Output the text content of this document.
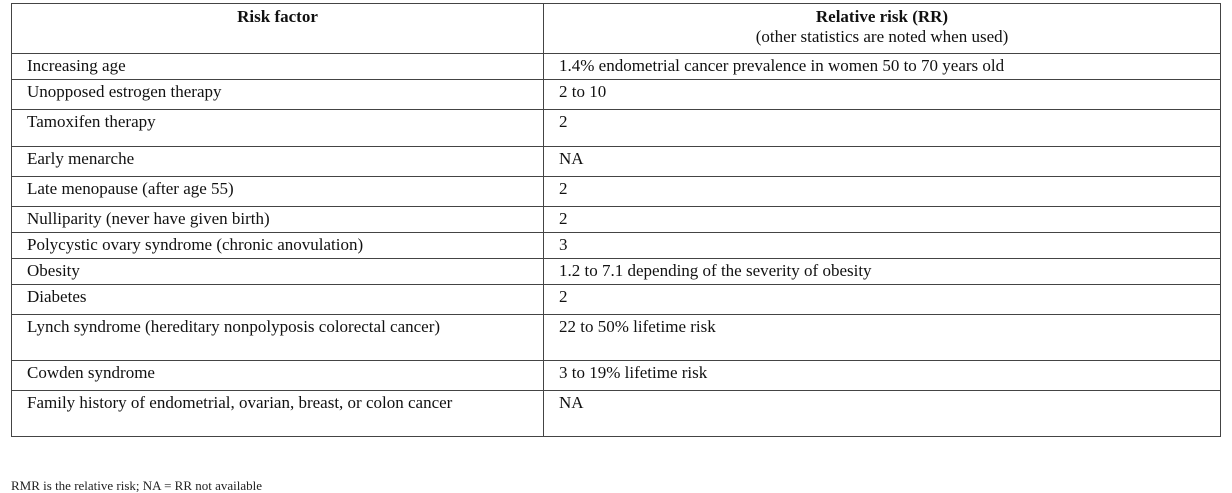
Risk factor	Relative risk (RR)
(other statistics are noted when used)

Increasing age	1.4% endometrial cancer prevalence in women 50 to 70 years old
Unopposed estrogen therapy	2 to 10
Tamoxifen therapy	2
Early menarche	NA
Late menopause (after age 55)	2
Nulliparity (never have given birth)	2
Polycystic ovary syndrome (chronic anovulation)	3
Obesity	1.2 to 7.1 depending of the severity of obesity
Diabetes	2
Lynch syndrome (hereditary nonpolyposis colorectal cancer)	22 to 50% lifetime risk
Cowden syndrome	3 to 19% lifetime risk
Family history of endometrial, ovarian, breast, or colon cancer	NA
RMR is the relative risk; NA = RR not available
